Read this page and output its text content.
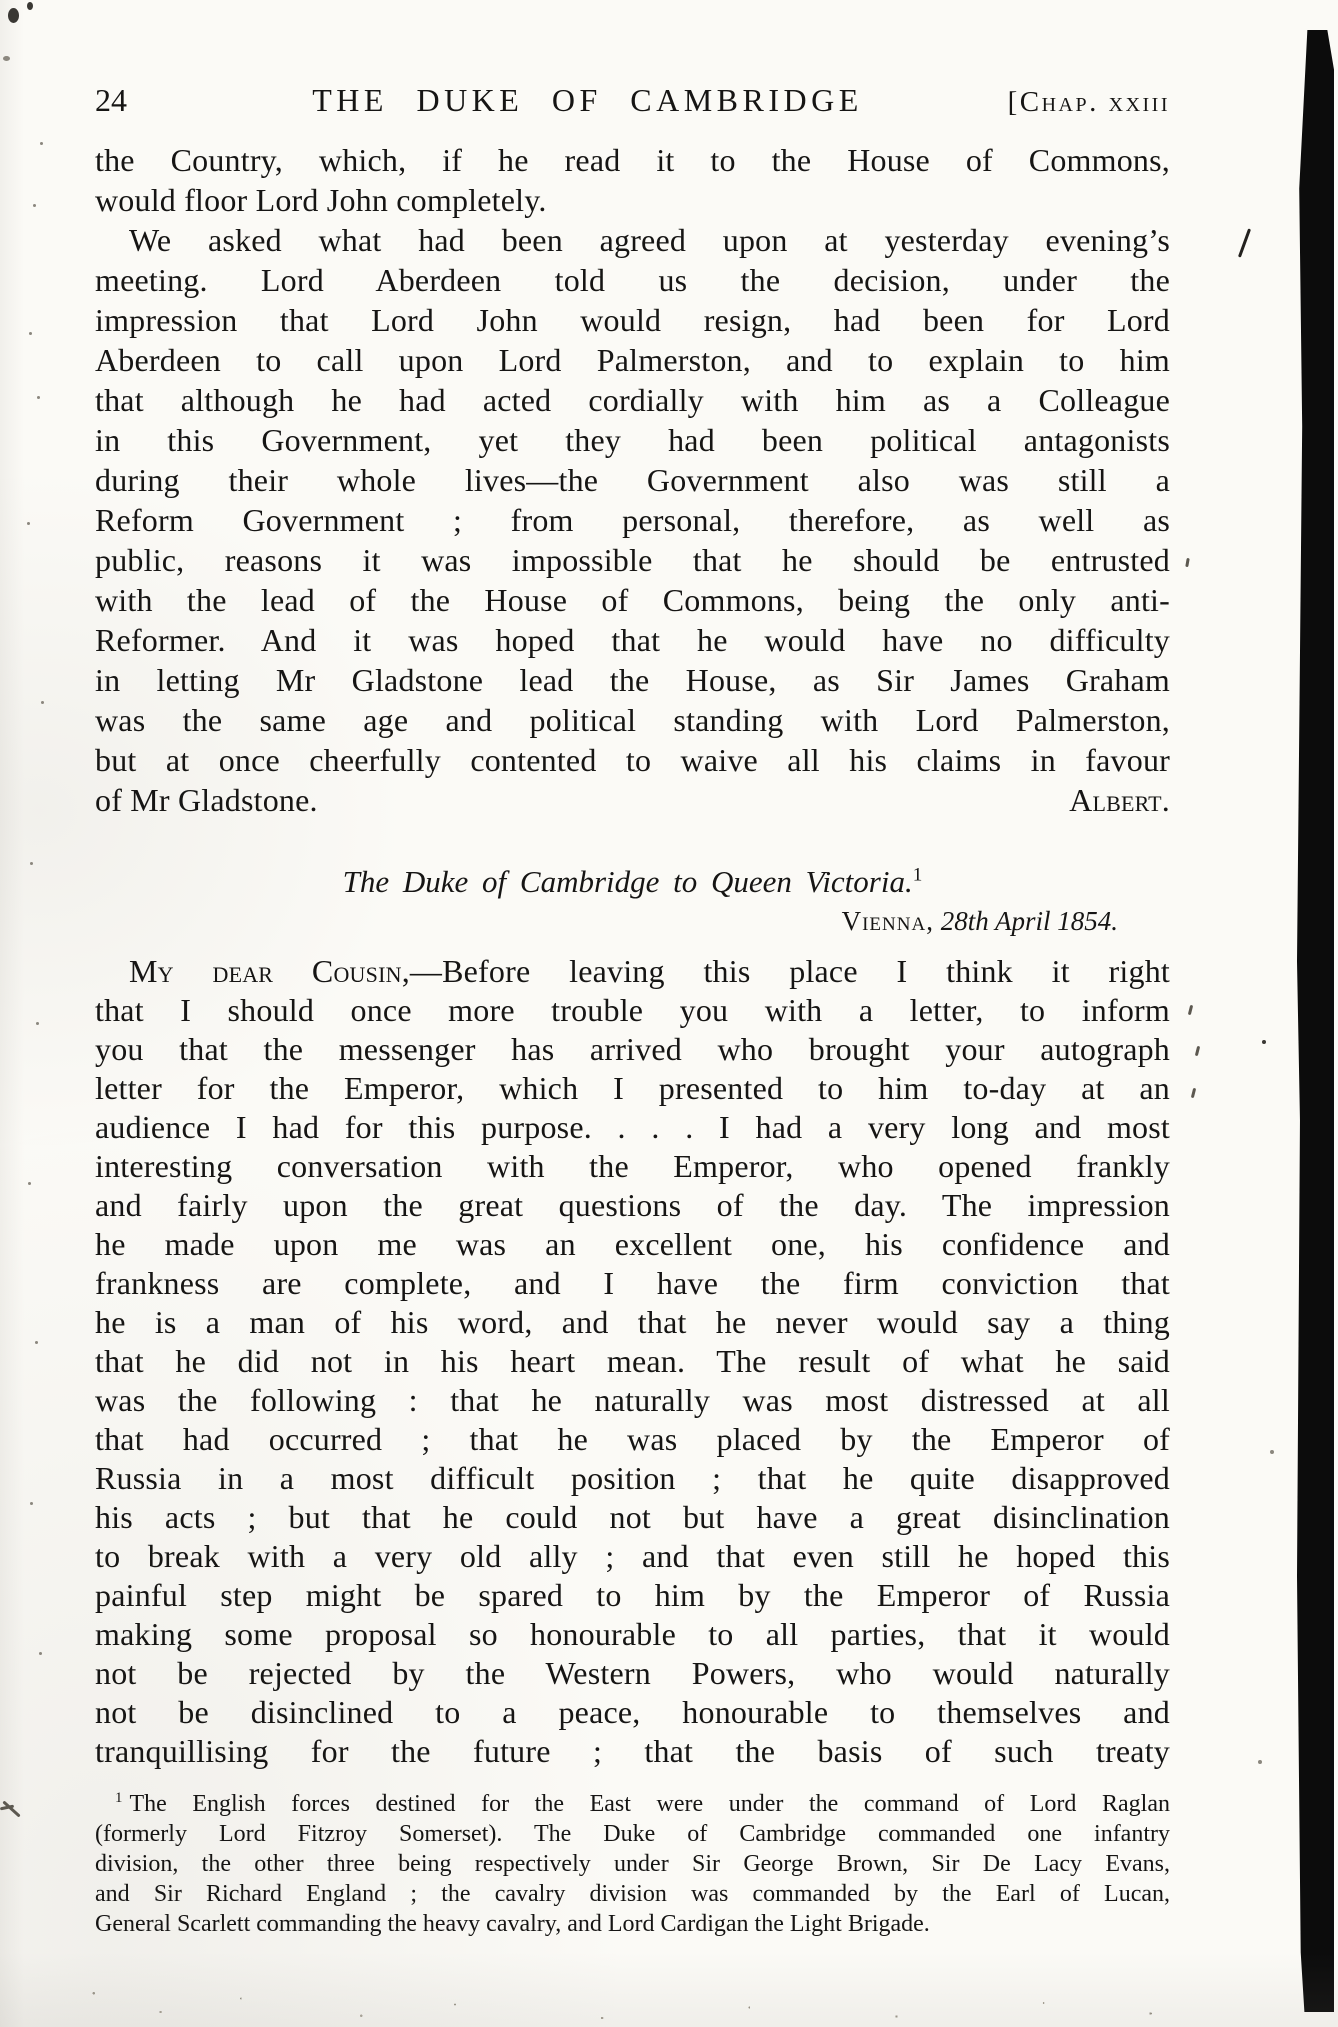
24	THE DUKE OF CAMBRIDGE	[Chap. xxiii
the Country, which, if he read it to the House of Commons,
would floor Lord John completely.
We asked what had been agreed upon at yesterday evening’s
meeting. Lord Aberdeen told us the decision, under the
impression that Lord John would resign, had been for Lord
Aberdeen to call upon Lord Palmerston, and to explain to him
that although he had acted cordially with him as a Colleague
in this Government, yet they had been political antagonists
during their whole lives—the Government also was still a
Reform Government ; from personal, therefore, as well as
public, reasons it was impossible that he should be entrusted
with the lead of the House of Commons, being the only anti-
Reformer. And it was hoped that he would have no difficulty
in letting Mr Gladstone lead the House, as Sir James Graham
was the same age and political standing with Lord Palmerston,
but at once cheerfully contented to waive all his claims in favour
of Mr Gladstone.	Albert.
The Duke of Cambridge to Queen Victoria.$^1$
Vienna, 28th April 1854.
My dear Cousin,—Before leaving this place I think it right
that I should once more trouble you with a letter, to inform
you that the messenger has arrived who brought your autograph
letter for the Emperor, which I presented to him to-day at an
audience I had for this purpose. . . . I had a very long and most
interesting conversation with the Emperor, who opened frankly
and fairly upon the great questions of the day. The impression
he made upon me was an excellent one, his confidence and
frankness are complete, and I have the firm conviction that
he is a man of his word, and that he never would say a thing
that he did not in his heart mean. The result of what he said
was the following : that he naturally was most distressed at all
that had occurred ; that he was placed by the Emperor of
Russia in a most difficult position ; that he quite disapproved
his acts ; but that he could not but have a great disinclination
to break with a very old ally ; and that even still he hoped this
painful step might be spared to him by the Emperor of Russia
making some proposal so honourable to all parties, that it would
not be rejected by the Western Powers, who would naturally
not be disinclined to a peace, honourable to themselves and
tranquillising for the future ; that the basis of such treaty
$^1$ The English forces destined for the East were under the command of Lord Raglan
(formerly Lord Fitzroy Somerset). The Duke of Cambridge commanded one infantry
division, the other three being respectively under Sir George Brown, Sir De Lacy Evans,
and Sir Richard England ; the cavalry division was commanded by the Earl of Lucan,
General Scarlett commanding the heavy cavalry, and Lord Cardigan the Light Brigade.
